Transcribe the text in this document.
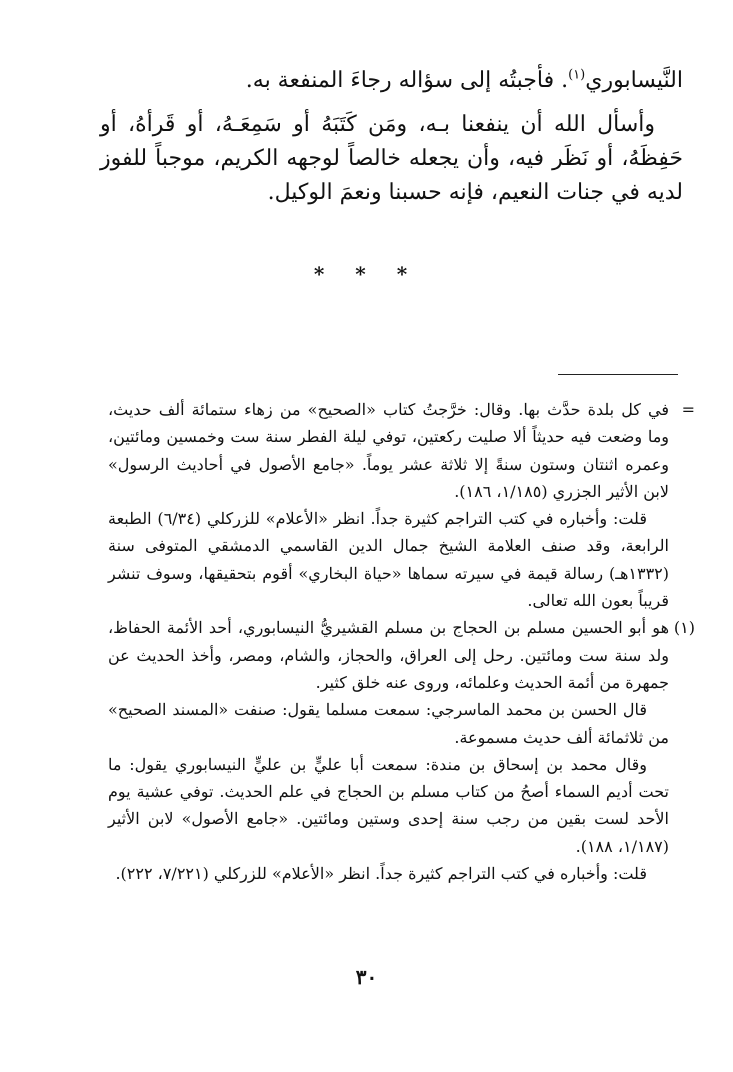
النَّيسابوري$^{(١)}$. فأجبتُه إلى سؤاله رجاءَ المنفعة به.

وأسأل الله أن ينفعنا بـه، ومَن كَتَبَهُ أو سَمِعَـهُ، أو قَرأهُ، أو حَفِظَهُ، أو نَظَر فيه، وأن يجعله خالصاً لوجهه الكريم، موجباً للفوز لديه في جنات النعيم، فإنه حسبنا ونعمَ الوكيل.

* * *
=

في كل بلدة حدَّث بها. وقال: خرَّجتُ كتاب «الصحيح» من زهاء ستمائة ألف حديث، وما وضعت فيه حديثاً ألا صليت ركعتين، توفي ليلة الفطر سنة ست وخمسين ومائتين، وعمره اثنتان وستون سنةً إلا ثلاثة عشر يوماً. «جامع الأصول في أحاديث الرسول» لابن الأثير الجزري (١/١٨٥، ١٨٦).

قلت: وأخباره في كتب التراجم كثيرة جداً. انظر «الأعلام» للزركلي (٦/٣٤) الطبعة الرابعة، وقد صنف العلامة الشيخ جمال الدين القاسمي الدمشقي المتوفى سنة (١٣٣٢هـ) رسالة قيمة في سيرته سماها «حياة البخاري» أقوم بتحقيقها، وسوف تنشر قريباً بعون الله تعالى.

(١)

هو أبو الحسين مسلم بن الحجاج بن مسلم القشيريُّ النيسابوري، أحد الأئمة الحفاظ، ولد سنة ست ومائتين. رحل إلى العراق، والحجاز، والشام، ومصر، وأخذ الحديث عن جمهرة من أئمة الحديث وعلمائه، وروى عنه خلق كثير.

قال الحسن بن محمد الماسرجي: سمعت مسلما يقول: صنفت «المسند الصحيح» من ثلاثمائة ألف حديث مسموعة.

وقال محمد بن إسحاق بن مندة: سمعت أبا عليٍّ بن عليٍّ النيسابوري يقول: ما تحت أديم السماء أصحُ من كتاب مسلم بن الحجاج في علم الحديث. توفي عشية يوم الأحد لست بقين من رجب سنة إحدى وستين ومائتين. «جامع الأصول» لابن الأثير (١/١٨٧، ١٨٨).

قلت: وأخباره في كتب التراجم كثيرة جداً. انظر «الأعلام» للزركلي (٧/٢٢١، ٢٢٢).

٣٠
